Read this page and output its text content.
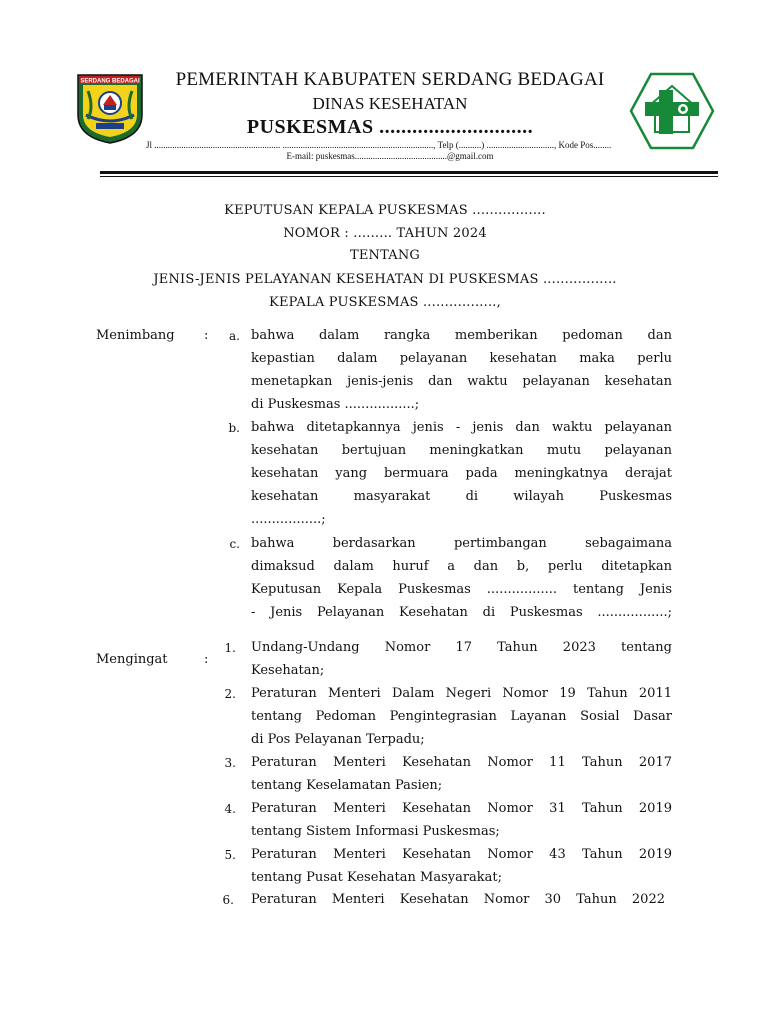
SERDANG BEDAGAI	PEMERINTAH KABUPATEN SERDANG BEDAGAI
DINAS KESEHATAN
PUSKESMAS ............................
Jl ........................................................ ..................................................................., Telp (..........) .............................., Kode Pos........
E-mail: puskesmas.........................................@gmail.com
KEPUTUSAN KEPALA PUSKESMAS .................
NOMOR : ......... TAHUN 2024
TENTANG
JENIS-JENIS PELAYANAN KESEHATAN DI PUSKESMAS .................
KEPALA PUSKESMAS .................,
Menimbang :	a. bahwa dalam rangka memberikan pedoman dan
kepastian dalam pelayanan kesehatan maka perlu
menetapkan jenis-jenis dan waktu pelayanan kesehatan
di Puskesmas .................;
b. bahwa ditetapkannya jenis - jenis dan waktu pelayanan
kesehatan bertujuan meningkatkan mutu pelayanan
kesehatan yang bermuara pada meningkatnya derajat
kesehatan masyarakat di wilayah Puskesmas
.................;
c. bahwa berdasarkan pertimbangan sebagaimana
dimaksud dalam huruf a dan b, perlu ditetapkan
Keputusan Kepala Puskesmas ................. tentang Jenis
- Jenis Pelayanan Kesehatan di Puskesmas .................;
Mengingat	:
1. Undang-Undang Nomor 17 Tahun 2023 tentang
Kesehatan;
2. Peraturan Menteri Dalam Negeri Nomor 19 Tahun 2011
tentang Pedoman Pengintegrasian Layanan Sosial Dasar
di Pos Pelayanan Terpadu;
3. Peraturan Menteri Kesehatan Nomor 11 Tahun 2017
tentang Keselamatan Pasien;
4. Peraturan Menteri Kesehatan Nomor 31 Tahun 2019
tentang Sistem Informasi Puskesmas;
5. Peraturan Menteri Kesehatan Nomor 43 Tahun 2019
tentang Pusat Kesehatan Masyarakat;
6. Peraturan Menteri Kesehatan Nomor 30 Tahun 2022
